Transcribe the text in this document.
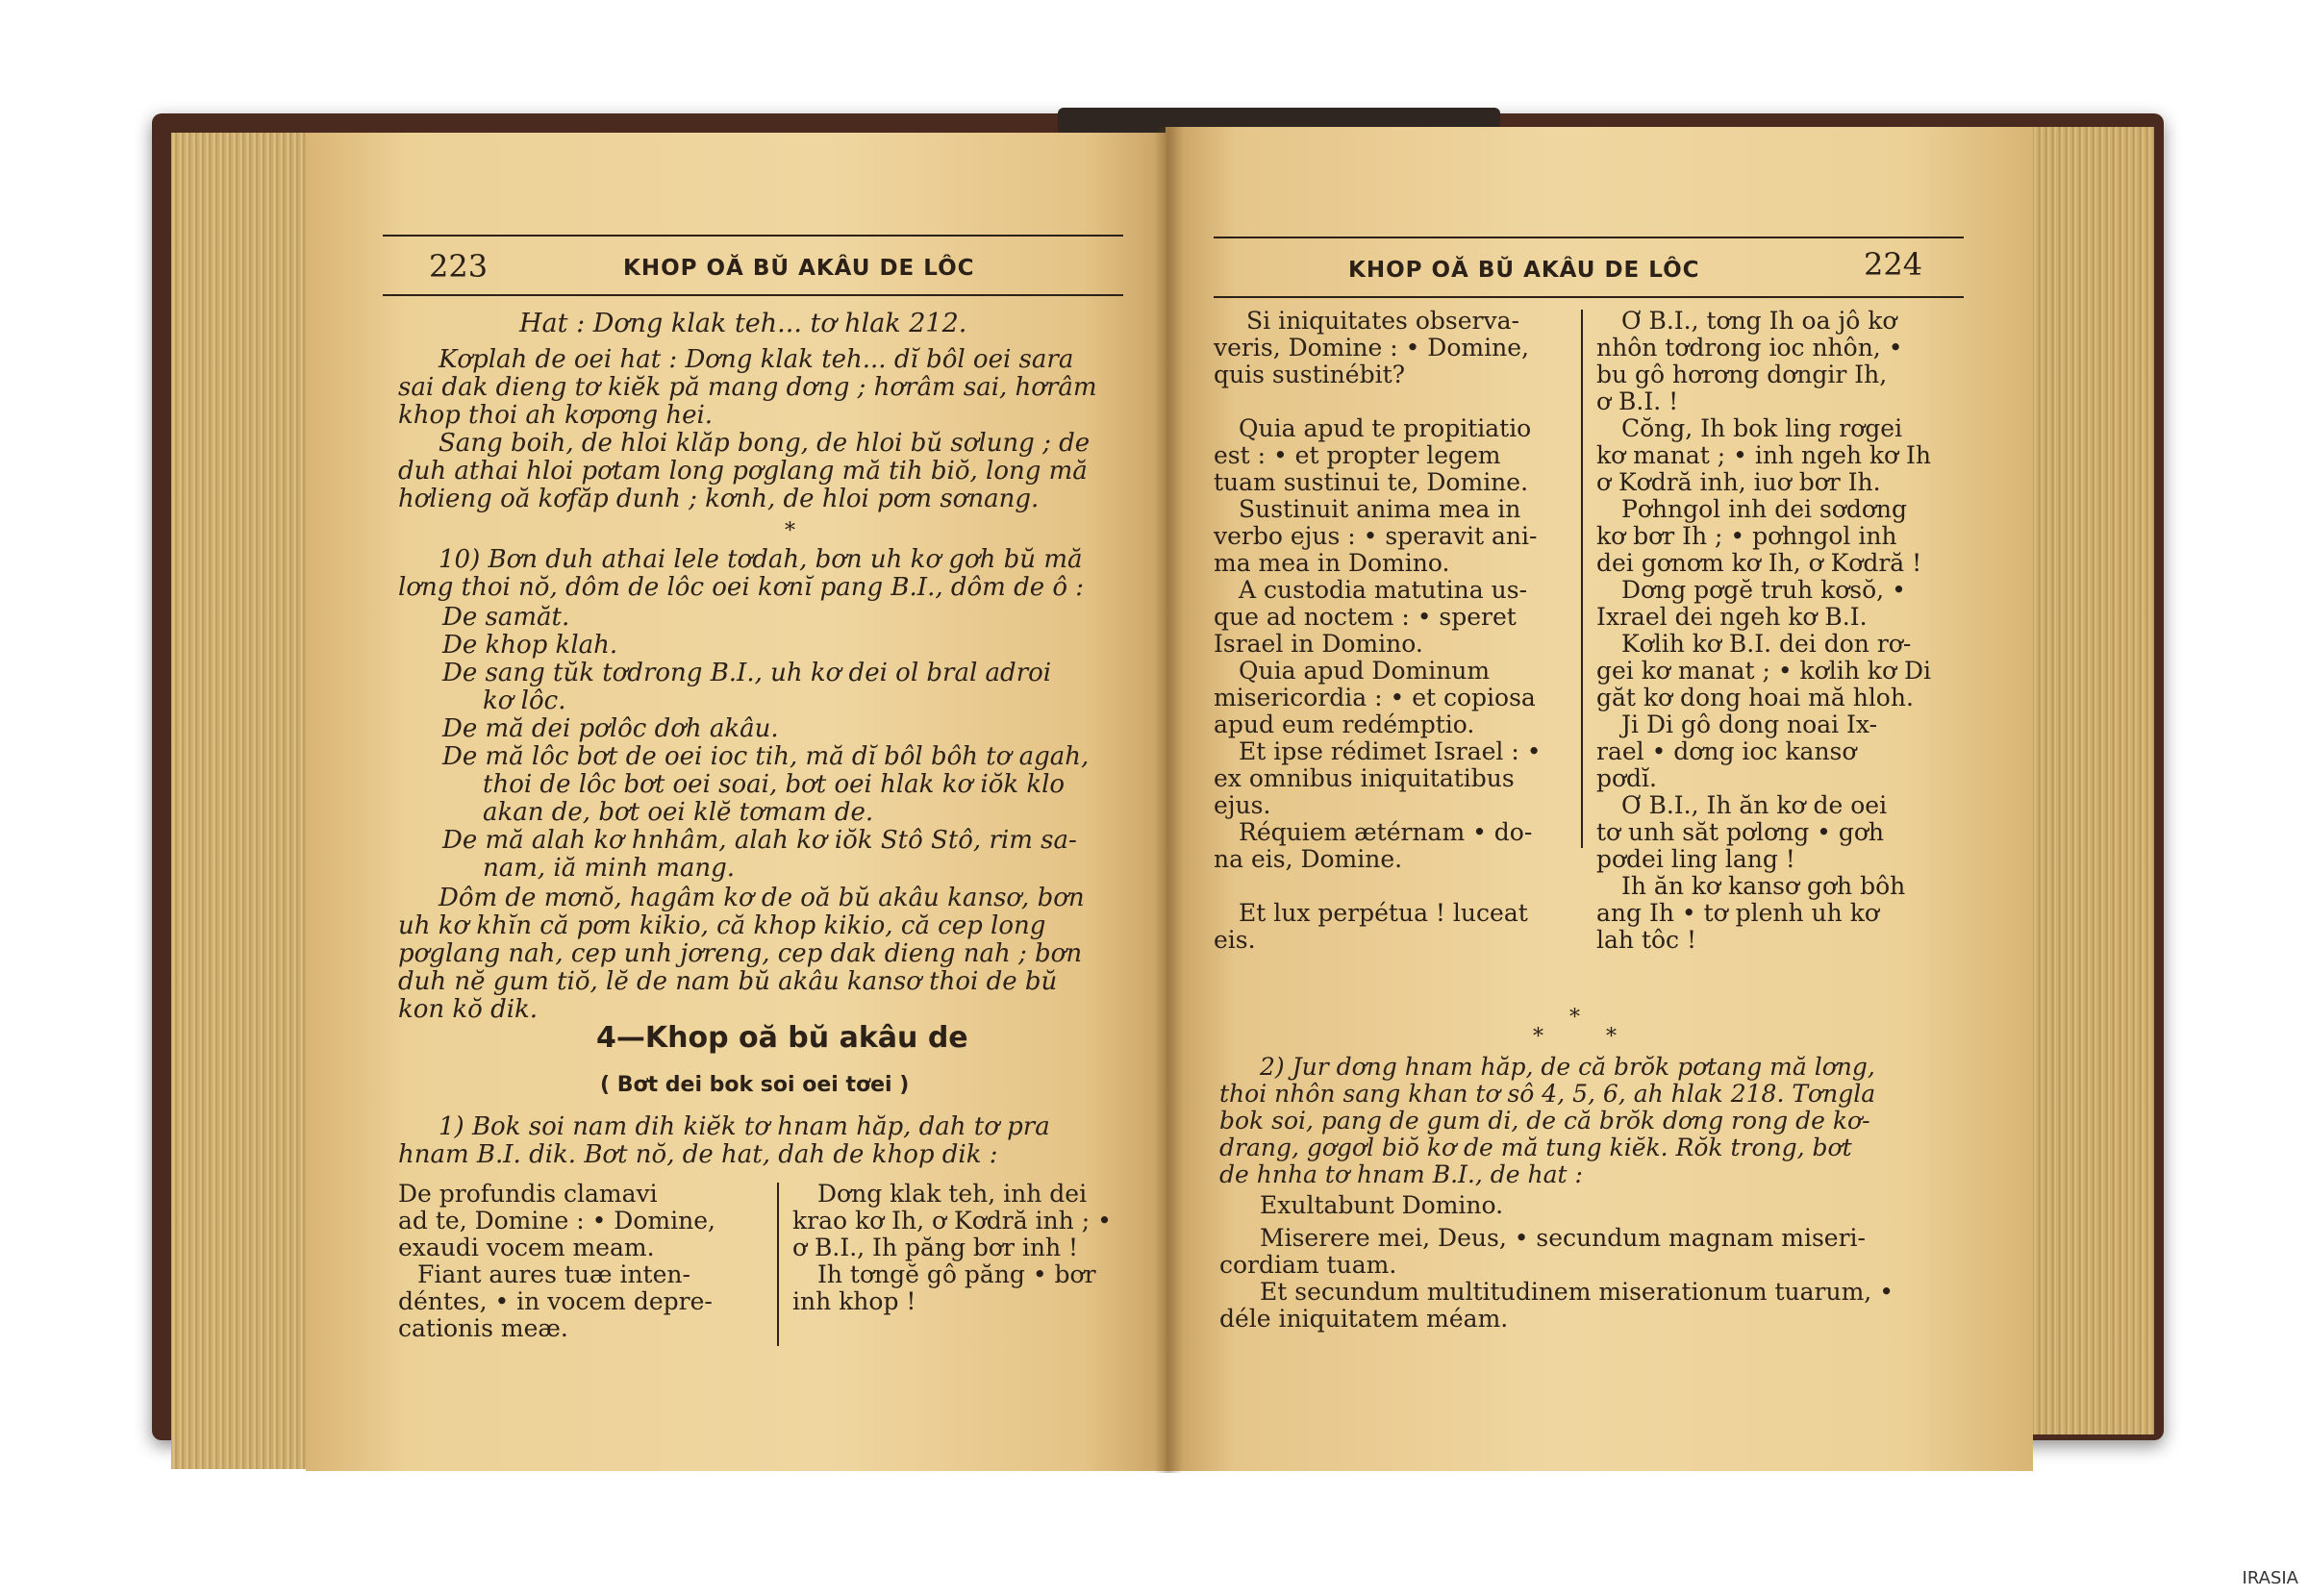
223	KHOP OĂ BŬ AKÂU DE LÔC
Hat : Dơng klak teh... tơ hlak 212.
Kơplah de oei hat : Dơng klak teh... dĭ bôl oei sara
sai dak dieng tơ kiĕk pă mang dơng ; hơrâm sai, hơrâm
khop thoi ah kơpơng hei.
Sang boih, de hloi klăp bong, de hloi bŭ sơlung ; de
duh athai hloi pơtam long pơglang mă tih biŏ, long mă
hơlieng oă kơfăp dunh ; kơnh, de hloi pơm sơnang.
*
10) Bơn duh athai lele tơdah, bơn uh kơ gơh bŭ mă
lơng thoi nŏ, dôm de lôc oei kơnĭ pang B.I., dôm de ô :
De samăt.
De khop klah.
De sang tŭk tơdrong B.I., uh kơ dei ol bral adroi
kơ lôc.
De mă dei pơlôc dơh akâu.
De mă lôc bơt de oei ioc tih, mă dĭ bôl bôh tơ agah,
thoi de lôc bơt oei soai, bơt oei hlak kơ iŏk klo
akan de, bơt oei klĕ tơmam de.
De mă alah kơ hnhâm, alah kơ iŏk Stô Stô, rim sa-
nam, iă minh mang.
Dôm de mơnŏ, hagâm kơ de oă bŭ akâu kansơ, bơn
uh kơ khĭn că pơm kikio, că khop kikio, că cep long
pơglang nah, cep unh jơreng, cep dak dieng nah ; bơn
duh nĕ gum tiŏ, lĕ de nam bŭ akâu kansơ thoi de bŭ
kon kŏ dik.
4—Khop oă bŭ akâu de
( Bơt dei bok soi oei tơei )
1) Bok soi nam dih kiĕk tơ hnam hăp, dah tơ pra
hnam B.I. dik. Bơt nŏ, de hat, dah de khop dik :
De profundis clamavi
ad te, Domine : • Domine,
exaudi vocem meam.
Fiant aures tuæ inten-
déntes, • in vocem depre-
cationis meæ.
Dơng klak teh, inh dei
krao kơ Ih, ơ Kơdră inh ; •
ơ B.I., Ih păng bơr inh !
Ih tơngĕ gô păng • bơr
inh khop !
KHOP OĂ BŬ AKÂU DE LÔC	224
Si iniquitates observa-
veris, Domine : • Domine,
quis sustinébit?
Quia apud te propitiatio
est : • et propter legem
tuam sustinui te, Domine.
Sustinuit anima mea in
verbo ejus : • speravit ani-
ma mea in Domino.
A custodia matutina us-
que ad noctem : • speret
Israel in Domino.
Quia apud Dominum
misericordia : • et copiosa
apud eum redémptio.
Et ipse rédimet Israel : •
ex omnibus iniquitatibus
ejus.
Réquiem ætérnam • do-
na eis, Domine.
Et lux perpétua ! luceat
eis.
Ơ B.I., tơng Ih oa jô kơ
nhôn tơdrong ioc nhôn, •
bu gô hơrơng dơngir Ih,
ơ B.I. !
Cŏng, Ih bok ling rơgei
kơ manat ; • inh ngeh kơ Ih
ơ Kơdră inh, iuơ bơr Ih.
Pơhngol inh dei sơdơng
kơ bơr Ih ; • pơhngol inh
dei gơnơm kơ Ih, ơ Kơdră !
Dơng pơgĕ truh kơsŏ, •
Ixrael dei ngeh kơ B.I.
Kơlih kơ B.I. dei don rơ-
gei kơ manat ; • kơlih kơ Di
găt kơ dong hoai mă hloh.
Ji Di gô dong noai Ix-
rael • dơng ioc kansơ
pơdĭ.
Ơ B.I., Ih ăn kơ de oei
tơ unh săt pơlơng • gơh
pơdei ling lang !
Ih ăn kơ kansơ gơh bôh
ang Ih • tơ plenh uh kơ
lah tôc !
*
*	*
2) Jur dơng hnam hăp, de că brŏk pơtang mă lơng,
thoi nhôn sang khan tơ sô 4, 5, 6, ah hlak 218. Tơngla
bok soi, pang de gum di, de că brŏk dơng rong de kơ-
drang, gơgơl biŏ kơ de mă tung kiĕk. Rŏk trong, bơt
de hnha tơ hnam B.I., de hat :
Exultabunt Domino.
Miserere mei, Deus, • secundum magnam miseri-
cordiam tuam.
Et secundum multitudinem miserationum tuarum, •
déle iniquitatem méam.
IRASIA
